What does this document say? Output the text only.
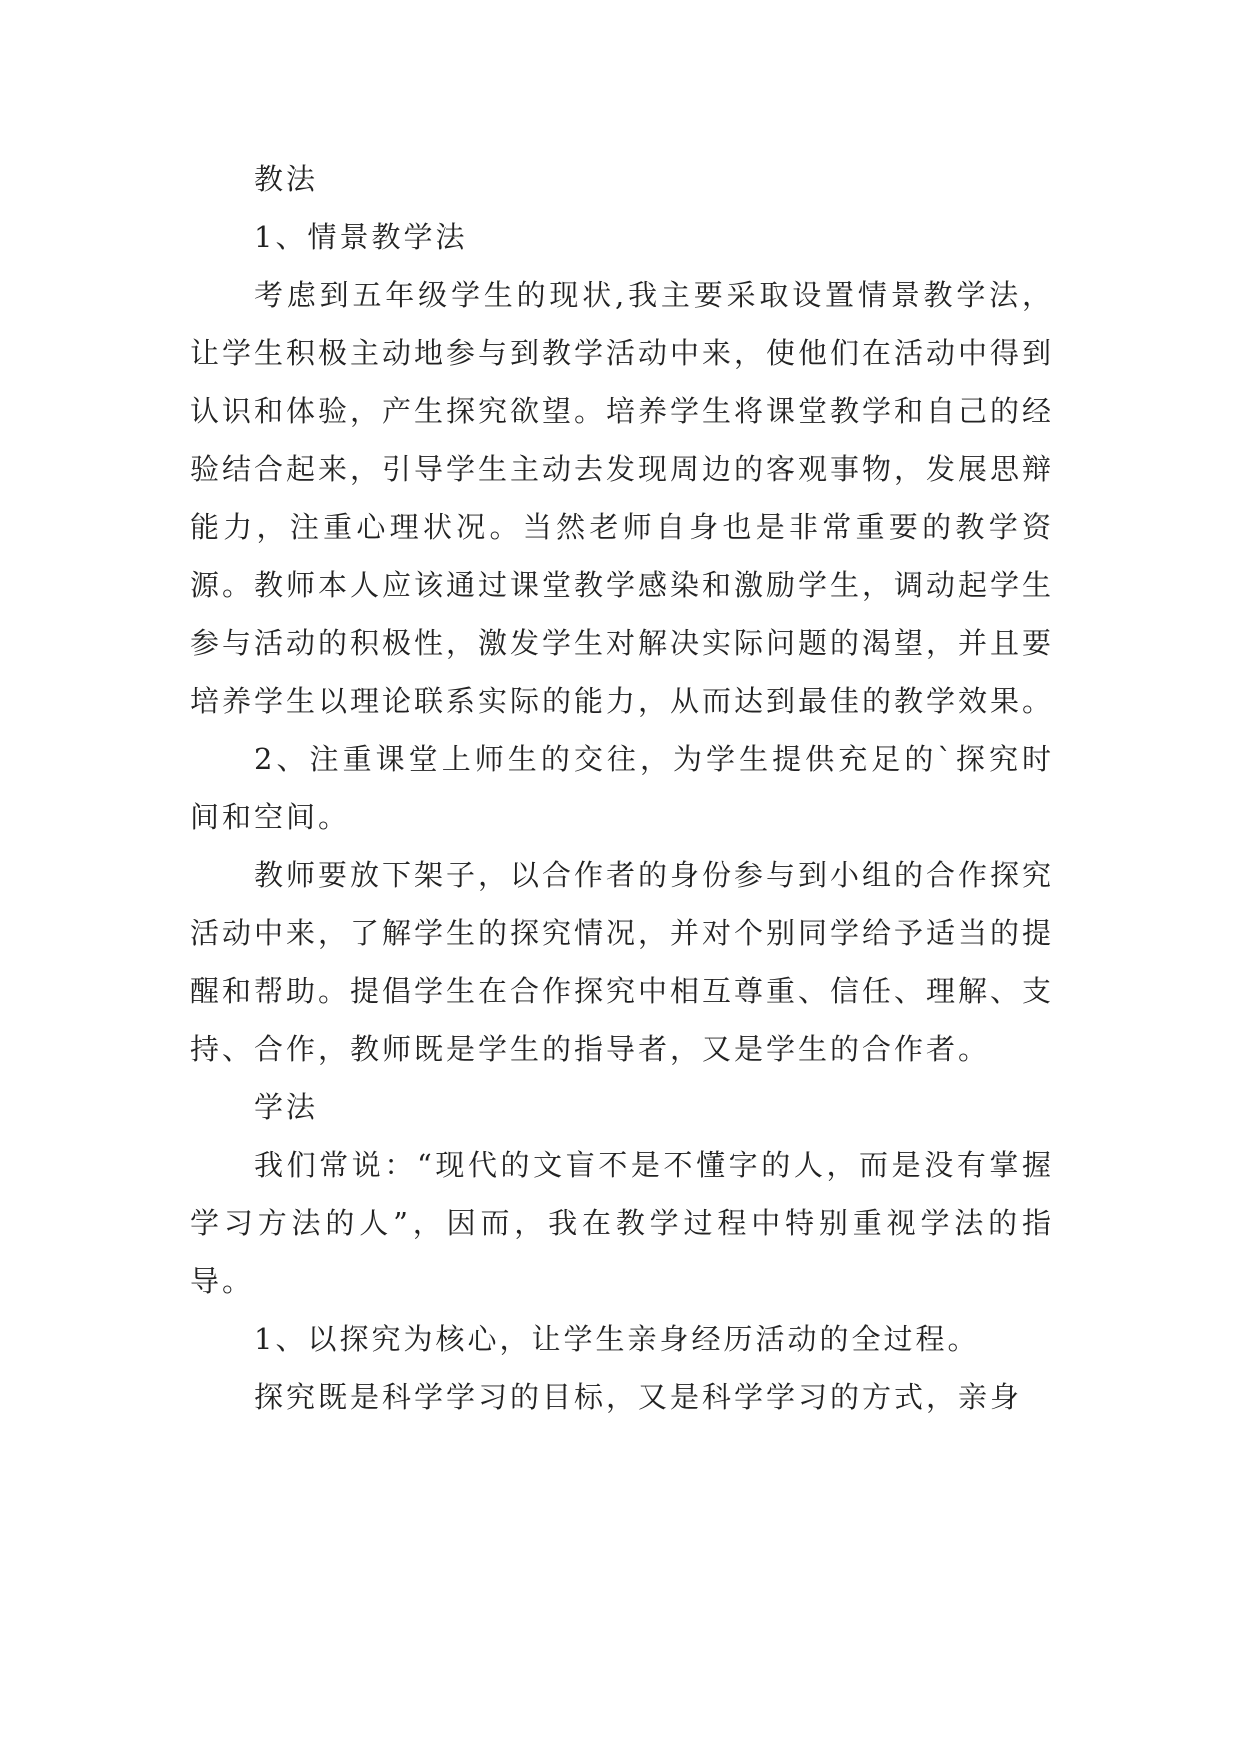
教法

1、情景教学法

考虑到五年级学生的现状,我主要采取设置情景教学法，让学生积极主动地参与到教学活动中来，使他们在活动中得到认识和体验，产生探究欲望。培养学生将课堂教学和自己的经验结合起来，引导学生主动去发现周边的客观事物，发展思辩能力，注重心理状况。当然老师自身也是非常重要的教学资源。教师本人应该通过课堂教学感染和激励学生，调动起学生参与活动的积极性，激发学生对解决实际问题的渴望，并且要培养学生以理论联系实际的能力，从而达到最佳的教学效果。

2、注重课堂上师生的交往，为学生提供充足的`探究时间和空间。

教师要放下架子，以合作者的身份参与到小组的合作探究活动中来，了解学生的探究情况，并对个别同学给予适当的提醒和帮助。提倡学生在合作探究中相互尊重、信任、理解、支持、合作，教师既是学生的指导者，又是学生的合作者。

学法

我们常说：“现代的文盲不是不懂字的人，而是没有掌握学习方法的人”，因而，我在教学过程中特别重视学法的指导。

1、以探究为核心，让学生亲身经历活动的全过程。

探究既是科学学习的目标，又是科学学习的方式，亲身
